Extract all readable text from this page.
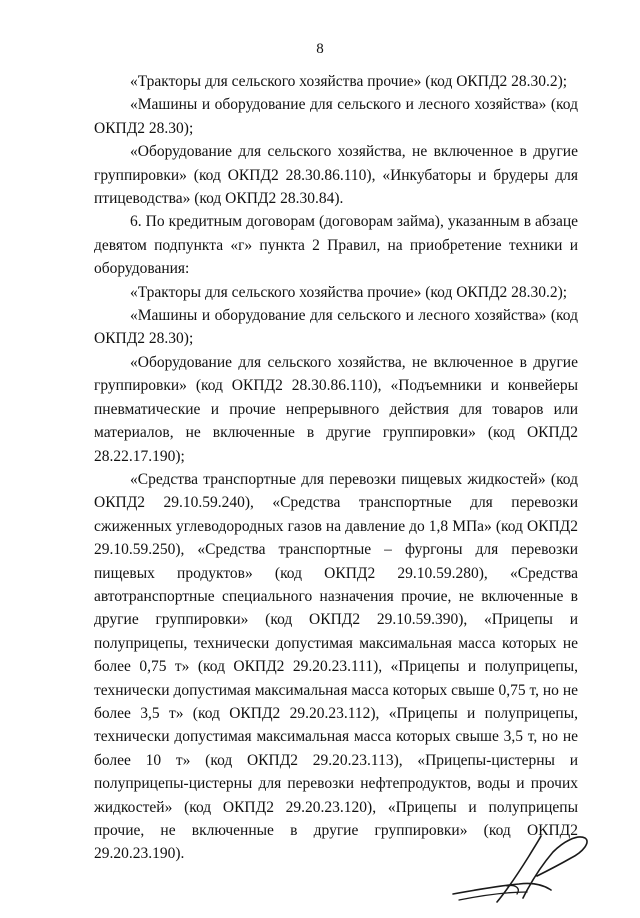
8

«Тракторы для сельского хозяйства прочие» (код ОКПД2 28.30.2);

«Машины и оборудование для сельского и лесного хозяйства» (код ОКПД2 28.30);

«Оборудование для сельского хозяйства, не включенное в другие группировки» (код ОКПД2 28.30.86.110), «Инкубаторы и брудеры для птицеводства» (код ОКПД2 28.30.84).

6. По кредитным договорам (договорам займа), указанным в абзаце девятом подпункта «г» пункта 2 Правил, на приобретение техники и оборудования:

«Тракторы для сельского хозяйства прочие» (код ОКПД2 28.30.2);

«Машины и оборудование для сельского и лесного хозяйства» (код ОКПД2 28.30);

«Оборудование для сельского хозяйства, не включенное в другие группировки» (код ОКПД2 28.30.86.110), «Подъемники и конвейеры пневматические и прочие непрерывного действия для товаров или материалов, не включенные в другие группировки» (код ОКПД2 28.22.17.190);

«Средства транспортные для перевозки пищевых жидкостей» (код ОКПД2 29.10.59.240), «Средства транспортные для перевозки сжиженных углеводородных газов на давление до 1,8 МПа» (код ОКПД2 29.10.59.250), «Средства транспортные – фургоны для перевозки пищевых продуктов» (код ОКПД2 29.10.59.280), «Средства автотранспортные специального назначения прочие, не включенные в другие группировки» (код ОКПД2 29.10.59.390), «Прицепы и полуприцепы, технически допустимая максимальная масса которых не более 0,75 т» (код ОКПД2 29.20.23.111), «Прицепы и полуприцепы, технически допустимая максимальная масса которых свыше 0,75 т, но не более 3,5 т» (код ОКПД2 29.20.23.112), «Прицепы и полуприцепы, технически допустимая максимальная масса которых свыше 3,5 т, но не более 10 т» (код ОКПД2 29.20.23.113), «Прицепы-цистерны и полуприцепы-цистерны для перевозки нефтепродуктов, воды и прочих жидкостей» (код ОКПД2 29.20.23.120), «Прицепы и полуприцепы прочие, не включенные в другие группировки» (код ОКПД2 29.20.23.190).
